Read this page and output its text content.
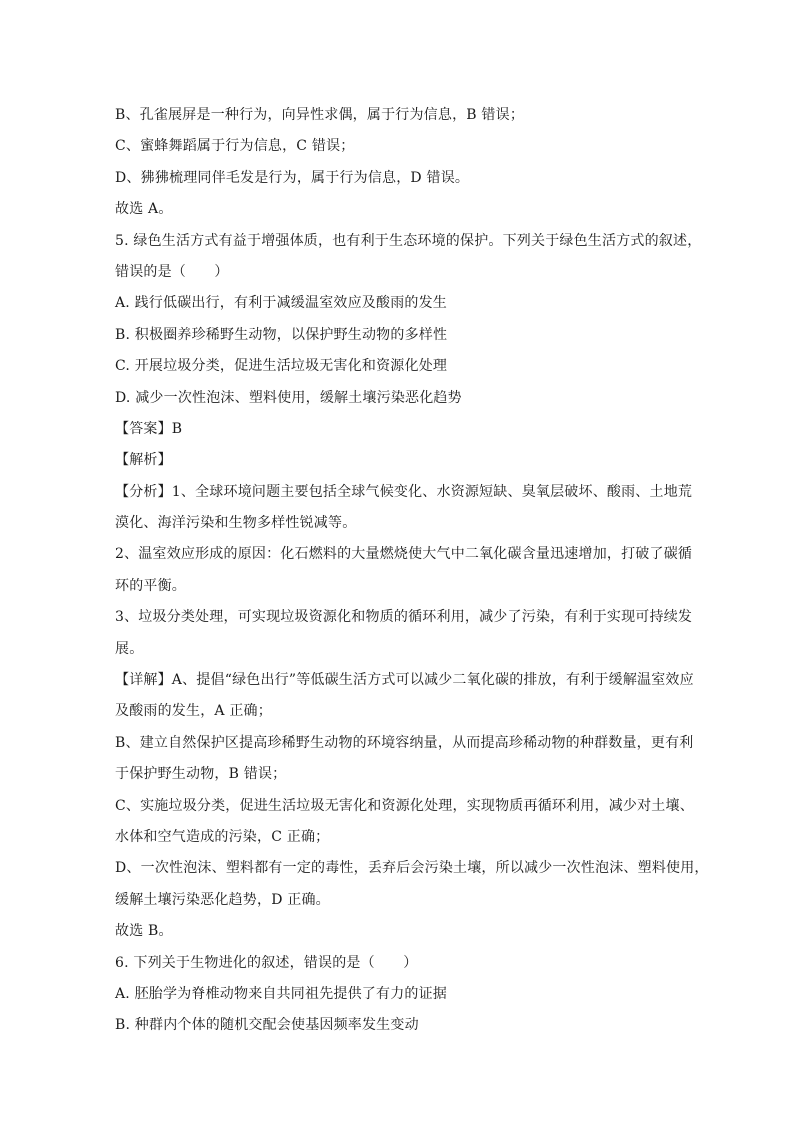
B、孔雀展屏是一种行为，向异性求偶，属于行为信息，B 错误；
C、蜜蜂舞蹈属于行为信息，C 错误；
D、狒狒梳理同伴毛发是行为，属于行为信息，D 错误。
故选 A。
5. 绿色生活方式有益于增强体质，也有利于生态环境的保护。下列关于绿色生活方式的叙述，
错误的是（　　）
A. 践行低碳出行，有利于减缓温室效应及酸雨的发生
B. 积极圈养珍稀野生动物，以保护野生动物的多样性
C. 开展垃圾分类，促进生活垃圾无害化和资源化处理
D. 减少一次性泡沫、塑料使用，缓解土壤污染恶化趋势
【答案】B
【解析】
【分析】1、全球环境问题主要包括全球气候变化、水资源短缺、臭氧层破坏、酸雨、土地荒
漠化、海洋污染和生物多样性锐减等。
2、温室效应形成的原因：化石燃料的大量燃烧使大气中二氧化碳含量迅速增加，打破了碳循
环的平衡。
3、垃圾分类处理，可实现垃圾资源化和物质的循环利用，减少了污染，有利于实现可持续发
展。
【详解】A、提倡“绿色出行”等低碳生活方式可以减少二氧化碳的排放，有利于缓解温室效应
及酸雨的发生，A 正确；
B、建立自然保护区提高珍稀野生动物的环境容纳量，从而提高珍稀动物的种群数量，更有利
于保护野生动物，B 错误；
C、实施垃圾分类，促进生活垃圾无害化和资源化处理，实现物质再循环利用，减少对土壤、
水体和空气造成的污染，C 正确；
D、一次性泡沫、塑料都有一定的毒性，丢弃后会污染土壤，所以减少一次性泡沫、塑料使用，
缓解土壤污染恶化趋势，D 正确。
故选 B。
6. 下列关于生物进化的叙述，错误的是（　　）
A. 胚胎学为脊椎动物来自共同祖先提供了有力的证据
B. 种群内个体的随机交配会使基因频率发生变动
